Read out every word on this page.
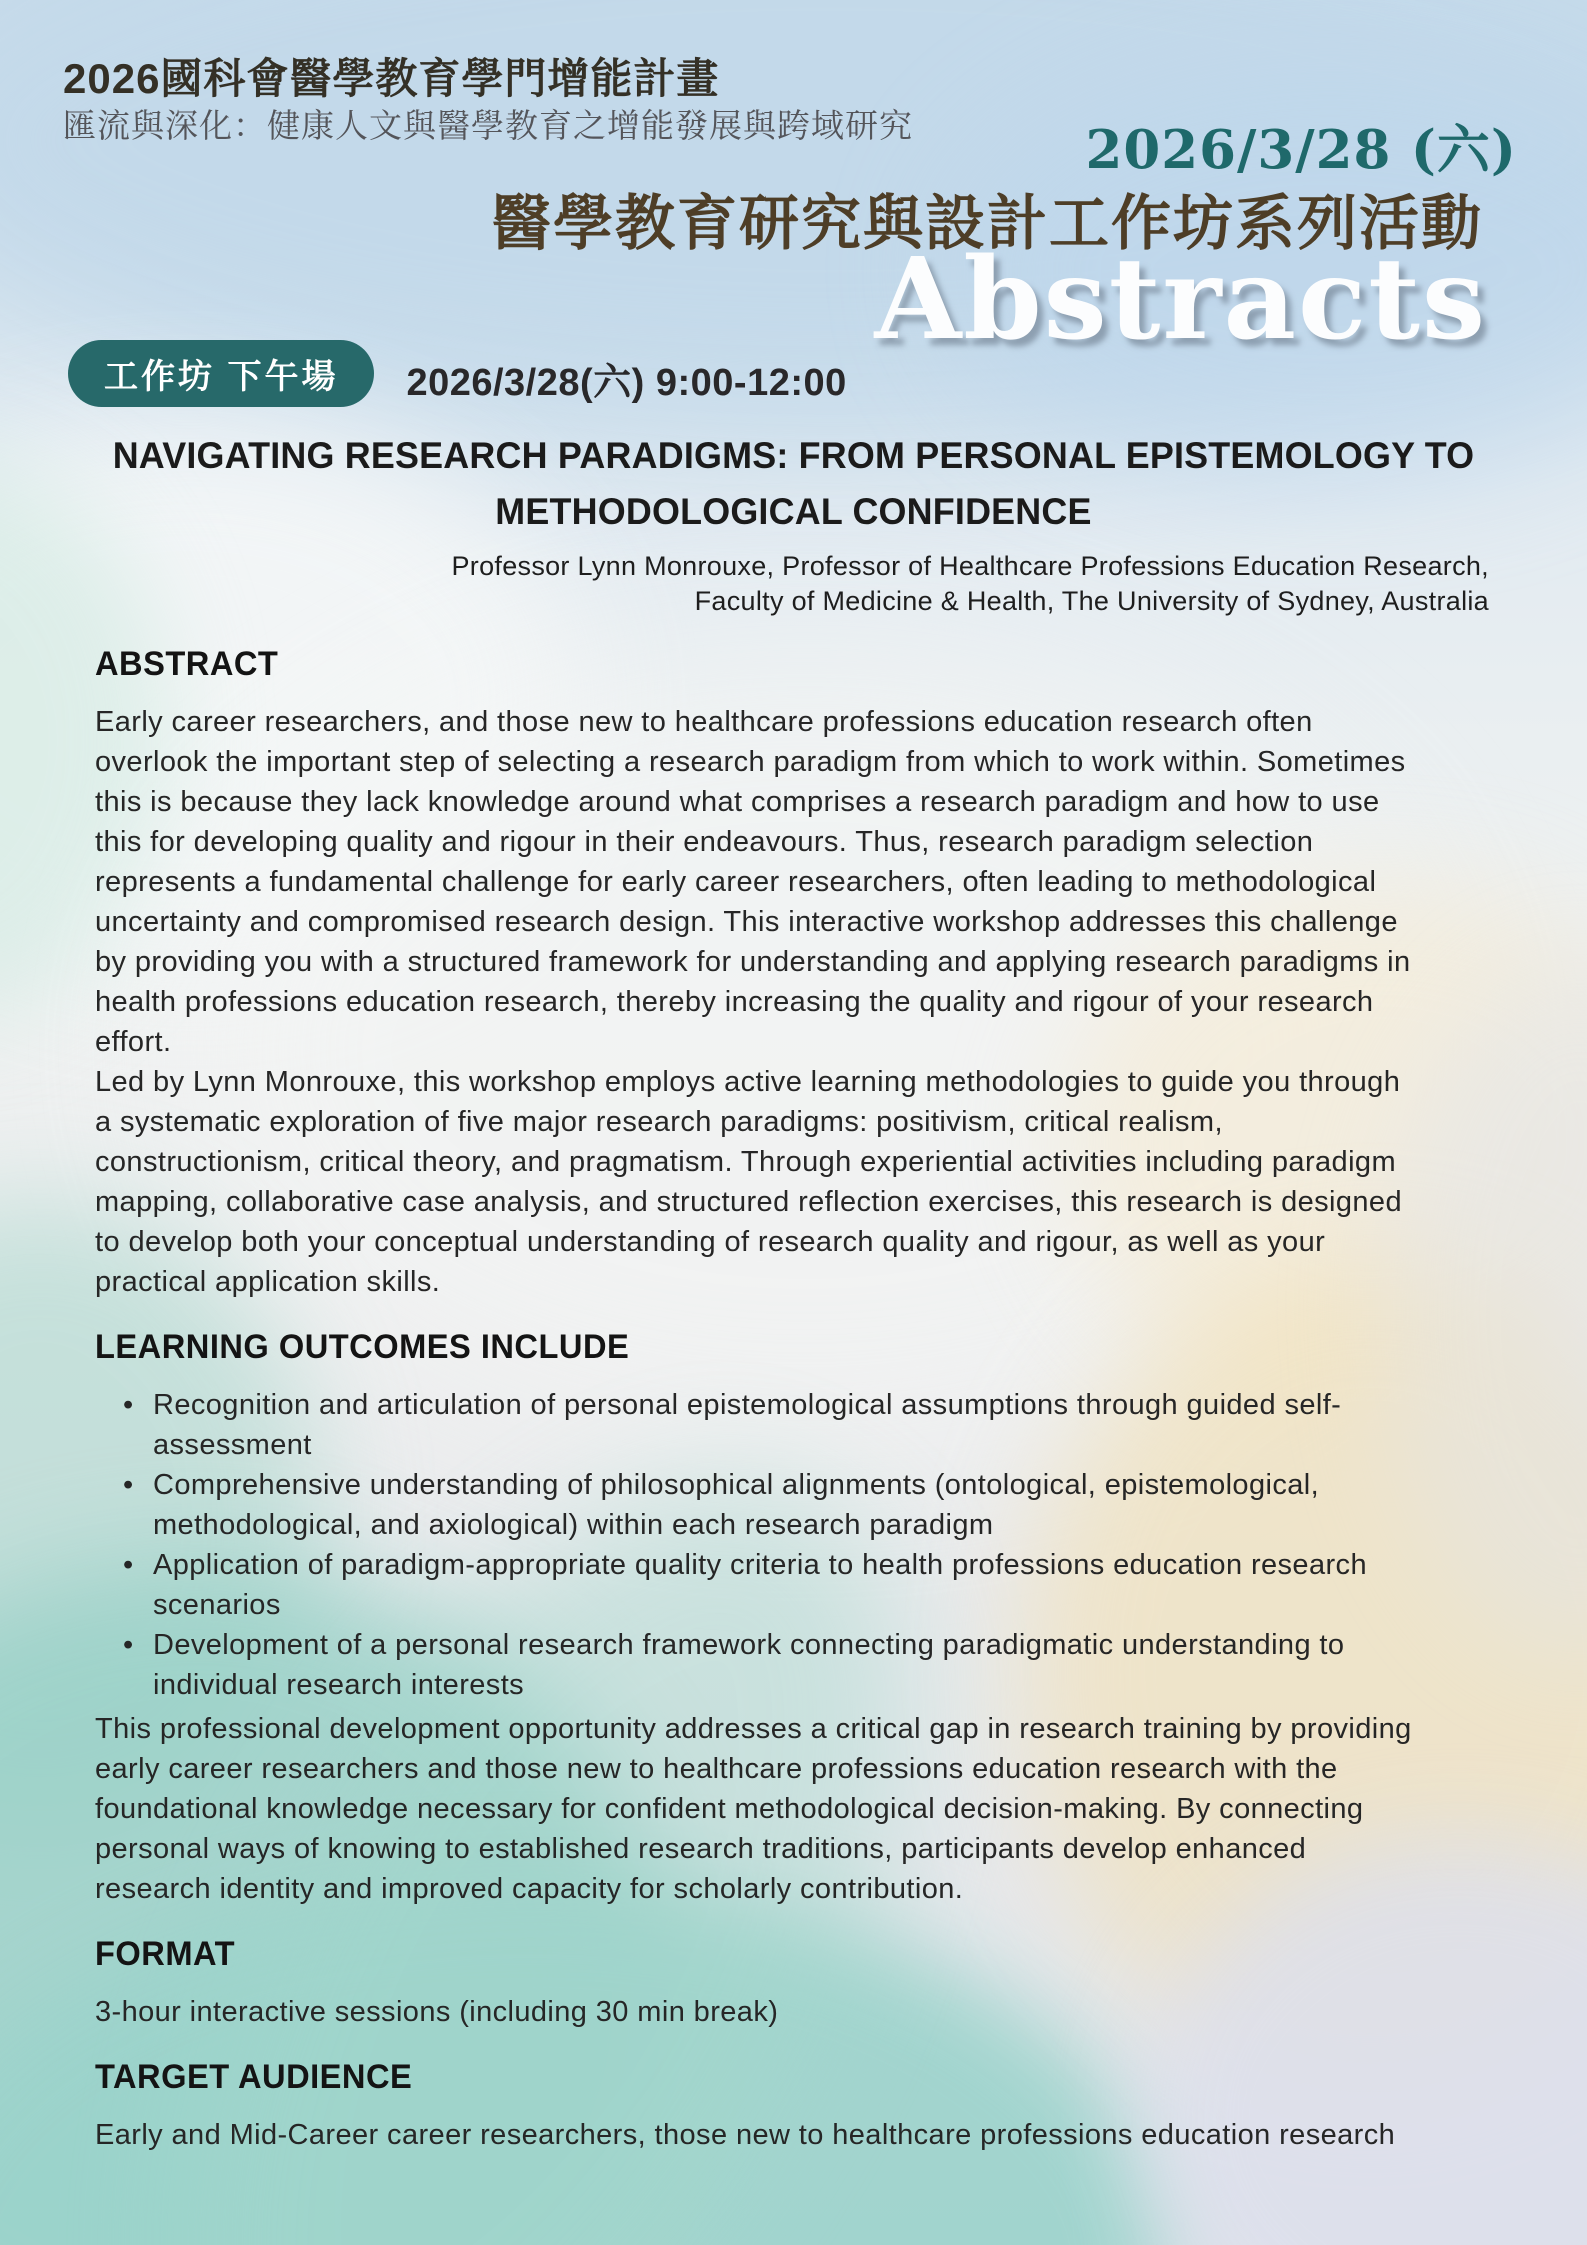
2026國科會醫學教育學門增能計畫
匯流與深化：健康人文與醫學教育之增能發展與跨域研究	2026/3/28 (六)
醫學教育研究與設計工作坊系列活動
Abstracts
工作坊 下午場	2026/3/28(六) 9:00-12:00
NAVIGATING RESEARCH PARADIGMS: FROM PERSONAL EPISTEMOLOGY TO METHODOLOGICAL CONFIDENCE
Professor Lynn Monrouxe, Professor of Healthcare Professions Education Research,
Faculty of Medicine & Health, The University of Sydney, Australia
ABSTRACT

Early career researchers, and those new to healthcare professions education research often overlook the important step of selecting a research paradigm from which to work within. Sometimes this is because they lack knowledge around what comprises a research paradigm and how to use this for developing quality and rigour in their endeavours. Thus, research paradigm selection represents a fundamental challenge for early career researchers, often leading to methodological uncertainty and compromised research design. This interactive workshop addresses this challenge by providing you with a structured framework for understanding and applying research paradigms in health professions education research, thereby increasing the quality and rigour of your research effort.

Led by Lynn Monrouxe, this workshop employs active learning methodologies to guide you through a systematic exploration of five major research paradigms: positivism, critical realism, constructionism, critical theory, and pragmatism. Through experiential activities including paradigm mapping, collaborative case analysis, and structured reflection exercises, this research is designed to develop both your conceptual understanding of research quality and rigour, as well as your practical application skills.

LEARNING OUTCOMES INCLUDE
• Recognition and articulation of personal epistemological assumptions through guided self-assessment
• Comprehensive understanding of philosophical alignments (ontological, epistemological, methodological, and axiological) within each research paradigm
• Application of paradigm-appropriate quality criteria to health professions education research scenarios
• Development of a personal research framework connecting paradigmatic understanding to individual research interests

This professional development opportunity addresses a critical gap in research training by providing early career researchers and those new to healthcare professions education research with the foundational knowledge necessary for confident methodological decision-making. By connecting personal ways of knowing to established research traditions, participants develop enhanced research identity and improved capacity for scholarly contribution.

FORMAT

3-hour interactive sessions (including 30 min break)

TARGET AUDIENCE

Early and Mid-Career career researchers, those new to healthcare professions education research
